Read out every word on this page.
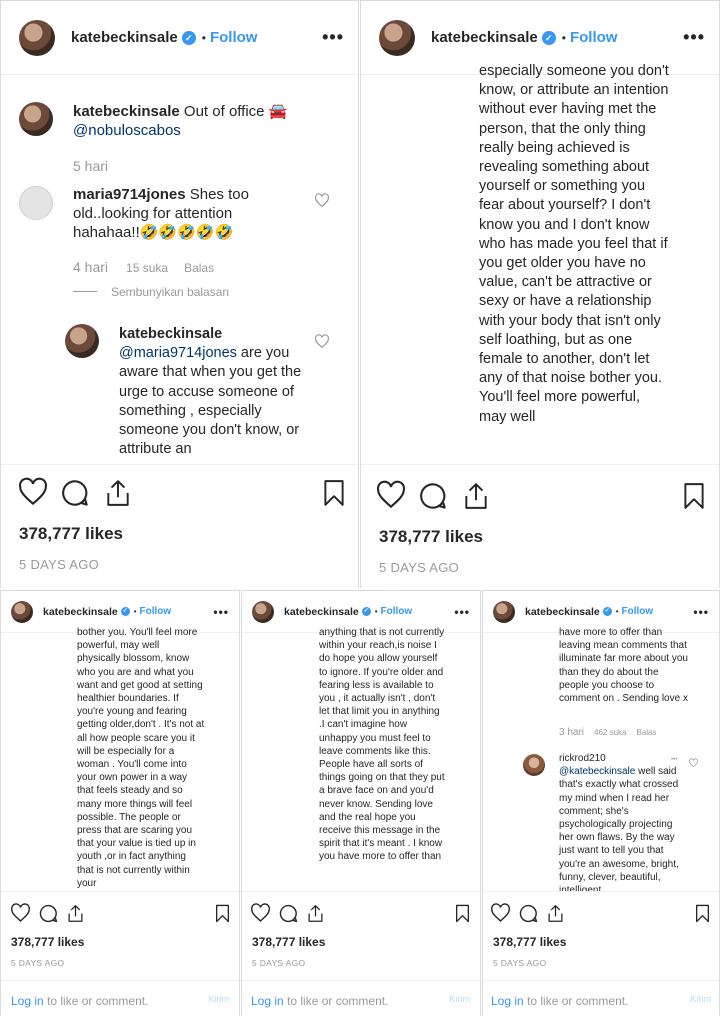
katebeckinsale ✓ • Follow	•••
katebeckinsale Out of office 🚘
@nobuloscabos
5 hari
maria9714jones Shes too old..looking for attention hahahaa!!🤣🤣🤣🤣🤣
4 hari 15 suka Balas
Sembunyikan balasan
katebeckinsale
@maria9714jones are you aware that when you get the urge to accuse someone of something , especially someone you don't know, or attribute an
378,777 likes
5 DAYS AGO
katebeckinsale ✓ • Follow	•••
especially someone you don't know, or attribute an intention without ever having met the person, that the only thing really being achieved is revealing something about yourself or something you fear about yourself? I don't know you and I don't know who has made you feel that if you get older you have no value, can't be attractive or sexy or have a relationship with your body that isn't only self loathing, but as one female to another, don't let any of that noise bother you. You'll feel more powerful, may well
378,777 likes
5 DAYS AGO
katebeckinsale ✓ • Follow	•••
bother you. You'll feel more powerful, may well physically blossom, know who you are and what you want and get good at setting healthier boundaries. If you're young and fearing getting older,don't . It's not at all how people scare you it will be especially for a woman . You'll come into your own power in a way that feels steady and so many more things will feel possible. The people or press that are scaring you that your value is tied up in youth ,or in fact anything that is not currently within your
378,777 likes
5 DAYS AGO
Log in to like or comment.	Kirim
katebeckinsale ✓ • Follow	•••
anything that is not currently within your reach,is noise I do hope you allow yourself to ignore. If you're older and fearing less is available to you , it actually isn't , don't let that limit you in anything .I can't imagine how unhappy you must feel to leave comments like this. People have all sorts of things going on that they put a brave face on and you'd never know. Sending love and the real hope you receive this message in the spirit that it's meant . I know you have more to offer than
378,777 likes
5 DAYS AGO
Log in to like or comment.	Kirim
katebeckinsale ✓ • Follow	•••
have more to offer than leaving mean comments that illuminate far more about you than they do about the people you choose to comment on . Sending love x
3 hari 462 suka Balas
rickrod210
@katebeckinsale well said that's exactly what crossed my mind when I read her comment; she's psychologically projecting her own flaws. By the way just want to tell you that you're an awesome, bright, funny, clever, beautiful,
•••
378,777 likes
5 DAYS AGO
Log in to like or comment.	Kirim
